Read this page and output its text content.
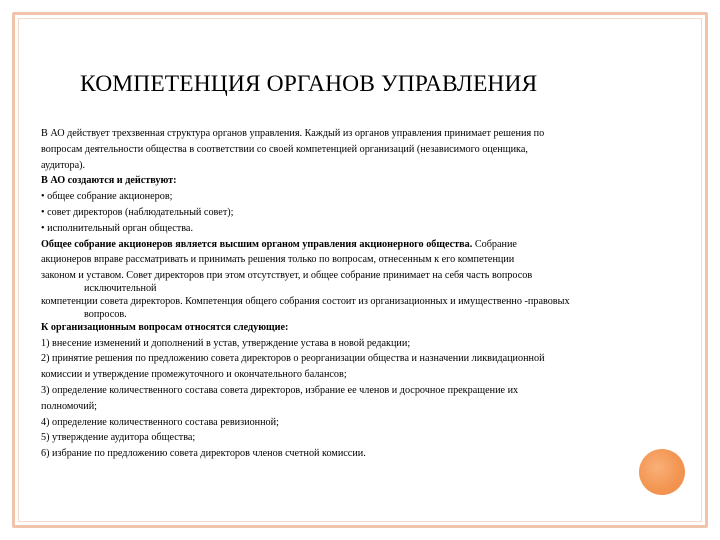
КОМПЕТЕНЦИЯ ОРГАНОВ УПРАВЛЕНИЯ
В АО действует трехзвенная структура органов управления. Каждый из органов управления принимает решения по
вопросам деятельности общества в соответствии со своей компетенцией организаций (независимого оценщика,
аудитора).
В АО создаются и действуют:
• общее собрание акционеров;
• совет директоров (наблюдательный совет);
• исполнительный орган общества.
Общее собрание акционеров является высшим органом управления акционерного общества. Собрание
акционеров вправе рассматривать и принимать решения только по вопросам, отнесенным к его компетенции
законом и уставом. Совет директоров при этом отсутствует, и общее собрание принимает на себя часть вопросов
исключительной
компетенции совета директоров. Компетенция общего собрания состоит из организационных и имущественно -правовых
вопросов.
К организационным вопросам относятся следующие:
1) внесение изменений и дополнений в устав, утверждение устава в новой редакции;
2) принятие решения по предложению совета директоров о реорганизации общества и назначении ликвидационной
комиссии и утверждение промежуточного и окончательного балансов;
3) определение количественного состава совета директоров, избрание ее членов и досрочное прекращение их
полномочий;
4) определение количественного состава ревизионной;
5) утверждение аудитора общества;
6) избрание по предложению совета директоров членов счетной комиссии.
